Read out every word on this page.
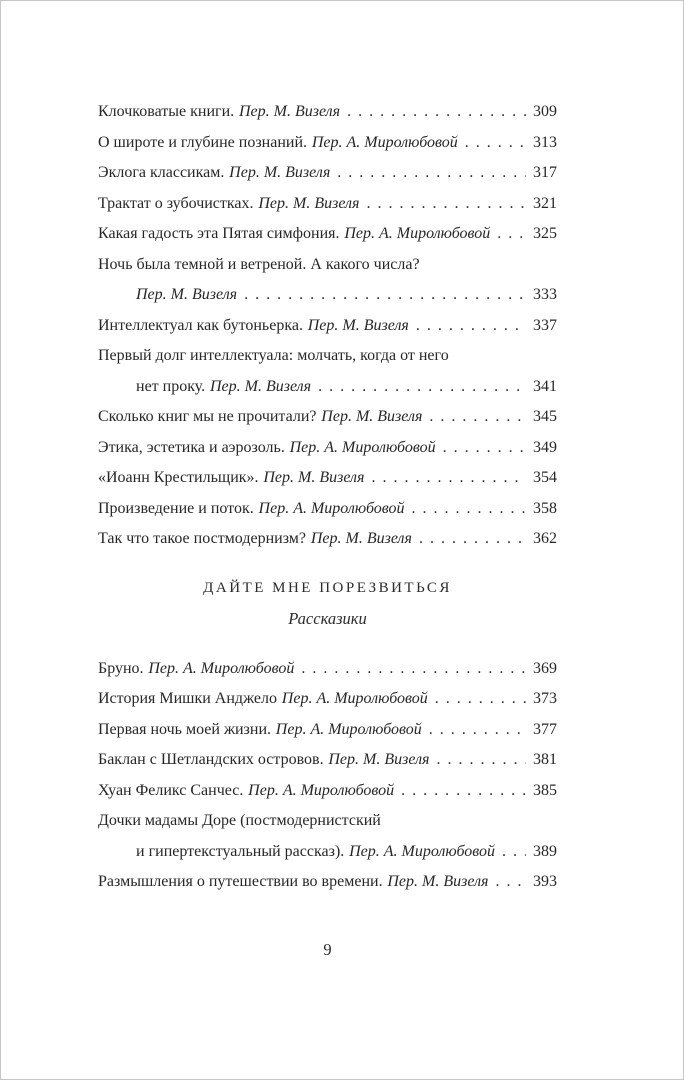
Клочковатые книги. Пер. М. Визеля . . .	309
О широте и глубине познаний. Пер. А. Миролюбовой . . .	313
Эклога классикам. Пер. М. Визеля . . .	317
Трактат о зубочистках. Пер. М. Визеля . . .	321
Какая гадость эта Пятая симфония. Пер. А. Миролюбовой . . .	325
Ночь была темной и ветреной. А какого числа?
Пер. М. Визеля . . .	333
Интеллектуал как бутоньерка. Пер. М. Визеля . . .	337
Первый долг интеллектуала: молчать, когда от него
нет проку. Пер. М. Визеля . . .	341
Сколько книг мы не прочитали? Пер. М. Визеля . . .	345
Этика, эстетика и аэрозоль. Пер. А. Миролюбовой . . .	349
«Иоанн Крестильщик». Пер. М. Визеля . . .	354
Произведение и поток. Пер. А. Миролюбовой . . .	358
Так что такое постмодернизм? Пер. М. Визеля . . .	362
ДАЙТЕ МНЕ ПОРЕЗВИТЬСЯ
Рассказики
Бруно. Пер. А. Миролюбовой . . .	369
История Мишки Анджело Пер. А. Миролюбовой . . .	373
Первая ночь моей жизни. Пер. А. Миролюбовой . . .	377
Баклан с Шетландских островов. Пер. М. Визеля . . .	381
Хуан Феликс Санчес. Пер. А. Миролюбовой . . .	385
Дочки мадамы Доре (постмодернистский
и гипертекстуальный рассказ). Пер. А. Миролюбовой . . . 389
Размышления о путешествии во времени. Пер. М. Визеля . . .	393
9
